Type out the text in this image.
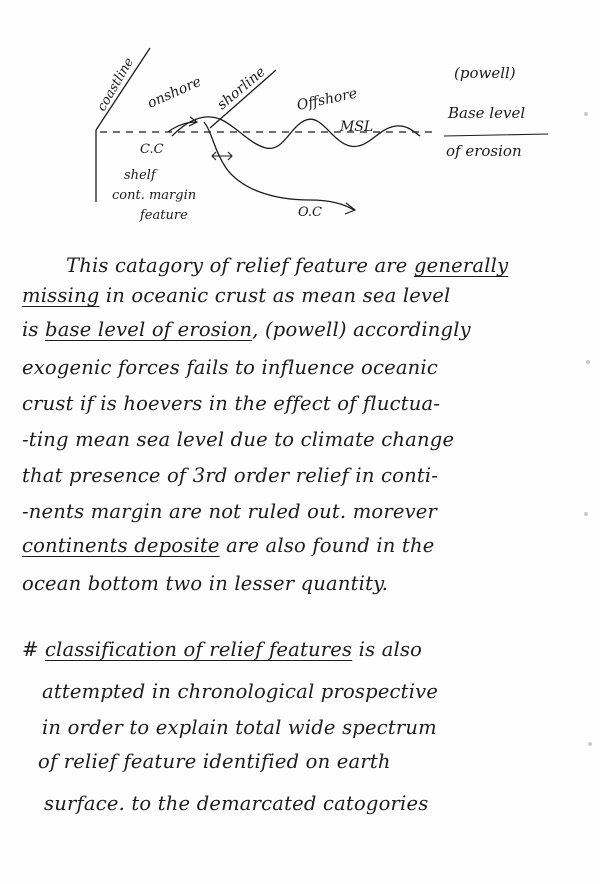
coastline onshore shorline Offshore
MSL
C.C
shelf
cont. margin
feature	O.C
(powell)
Base level
of erosion
This catagory of relief feature are generally
missing in oceanic crust as mean sea level
is base level of erosion, (powell) accordingly
exogenic forces fails to influence oceanic
crust if is hoevers in the effect of fluctua-
-ting mean sea level due to climate change
that presence of 3rd order relief in conti-
-nents margin are not ruled out. morever
continents deposite are also found in the
ocean bottom two in lesser quantity.
# classification of relief features is also
attempted in chronological prospective
in order to explain total wide spectrum
of relief feature identified on earth
surface. to the demarcated catogories
